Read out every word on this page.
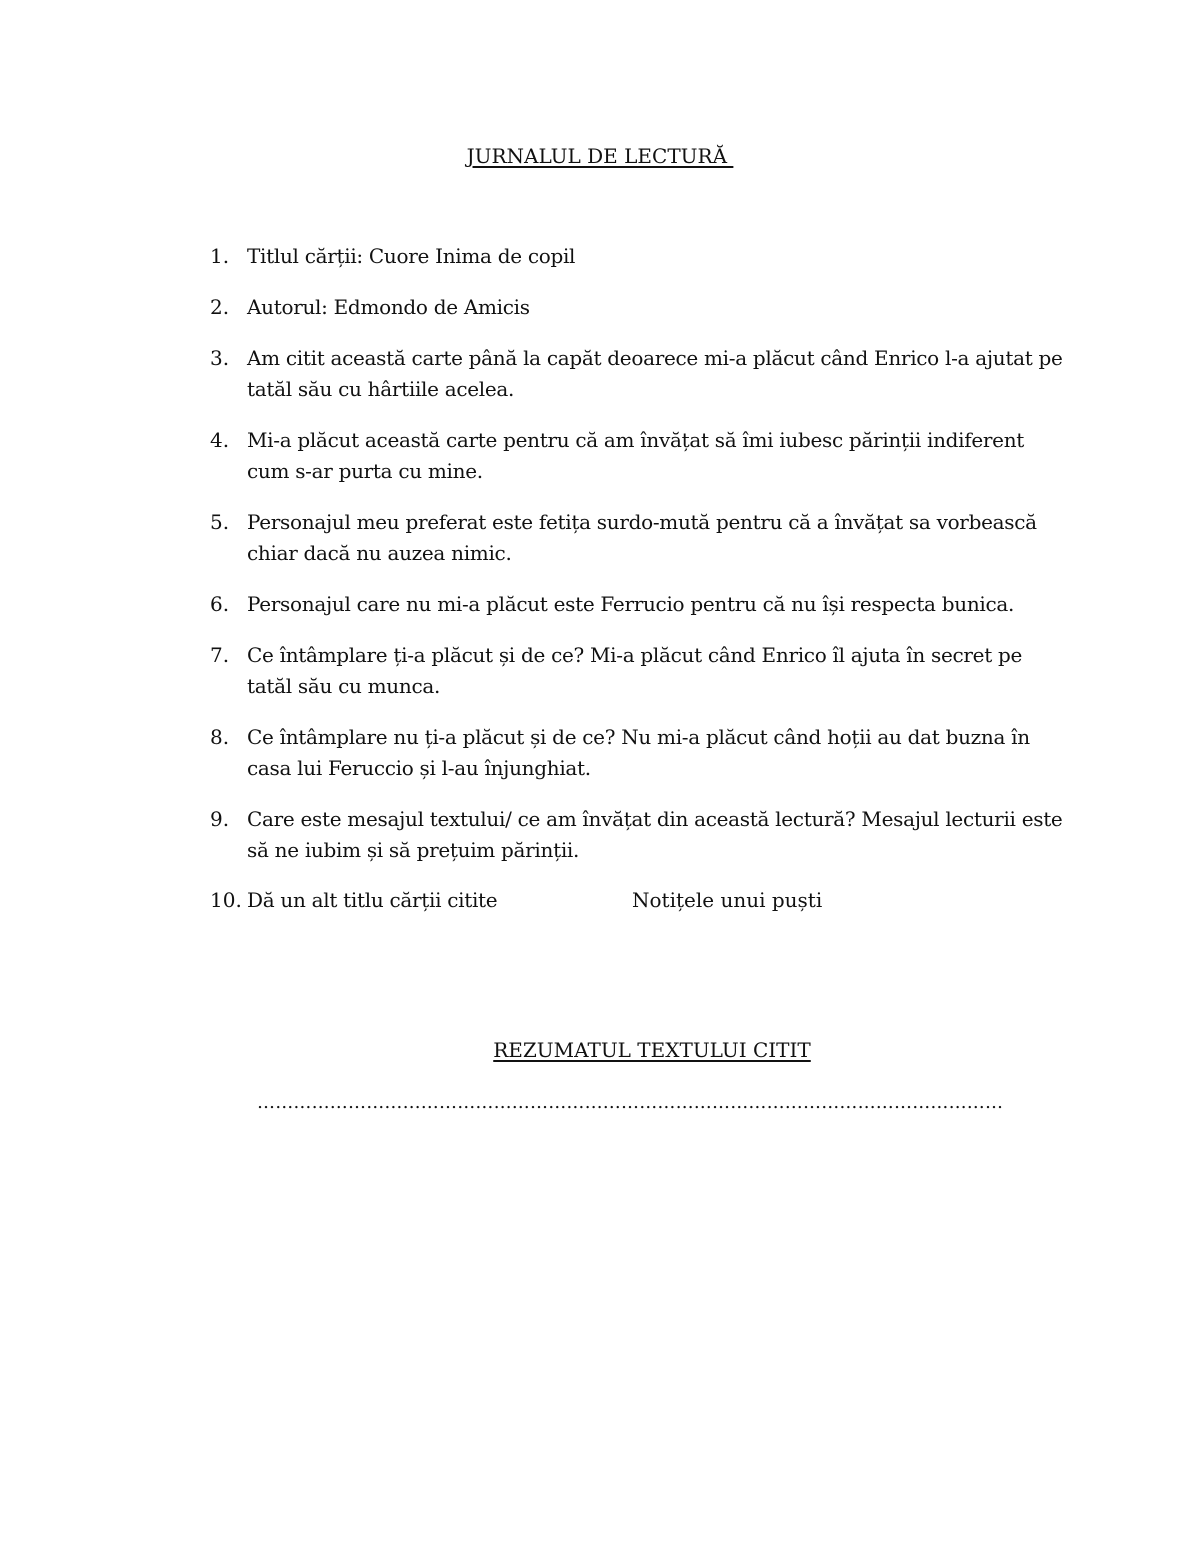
JURNALUL DE LECTURĂ
1. Titlul cărții: Cuore Inima de copil
2. Autorul: Edmondo de Amicis
3. Am citit această carte până la capăt deoarece mi-a plăcut când Enrico l-a ajutat pe tatăl său cu hârtiile acelea.
4. Mi-a plăcut această carte pentru că am învățat să îmi iubesc părinții indiferent cum s-ar purta cu mine.
5. Personajul meu preferat este fetița surdo-mută pentru că a învățat sa vorbească chiar dacă nu auzea nimic.
6. Personajul care nu mi-a plăcut este Ferrucio pentru că nu își respecta bunica.
7. Ce întâmplare ți-a plăcut și de ce? Mi-a plăcut când Enrico îl ajuta în secret pe tatăl său cu munca.
8. Ce întâmplare nu ți-a plăcut și de ce? Nu mi-a plăcut când hoții au dat buzna în casa lui Feruccio și l-au înjunghiat.
9. Care este mesajul textului/ ce am învățat din această lectură? Mesajul lecturii este să ne iubim și să prețuim părinții.
10. Dă un alt titlu cărții citite	Notițele unui puști
REZUMATUL TEXTULUI CITIT
……………………………………………………………………………………………………………
